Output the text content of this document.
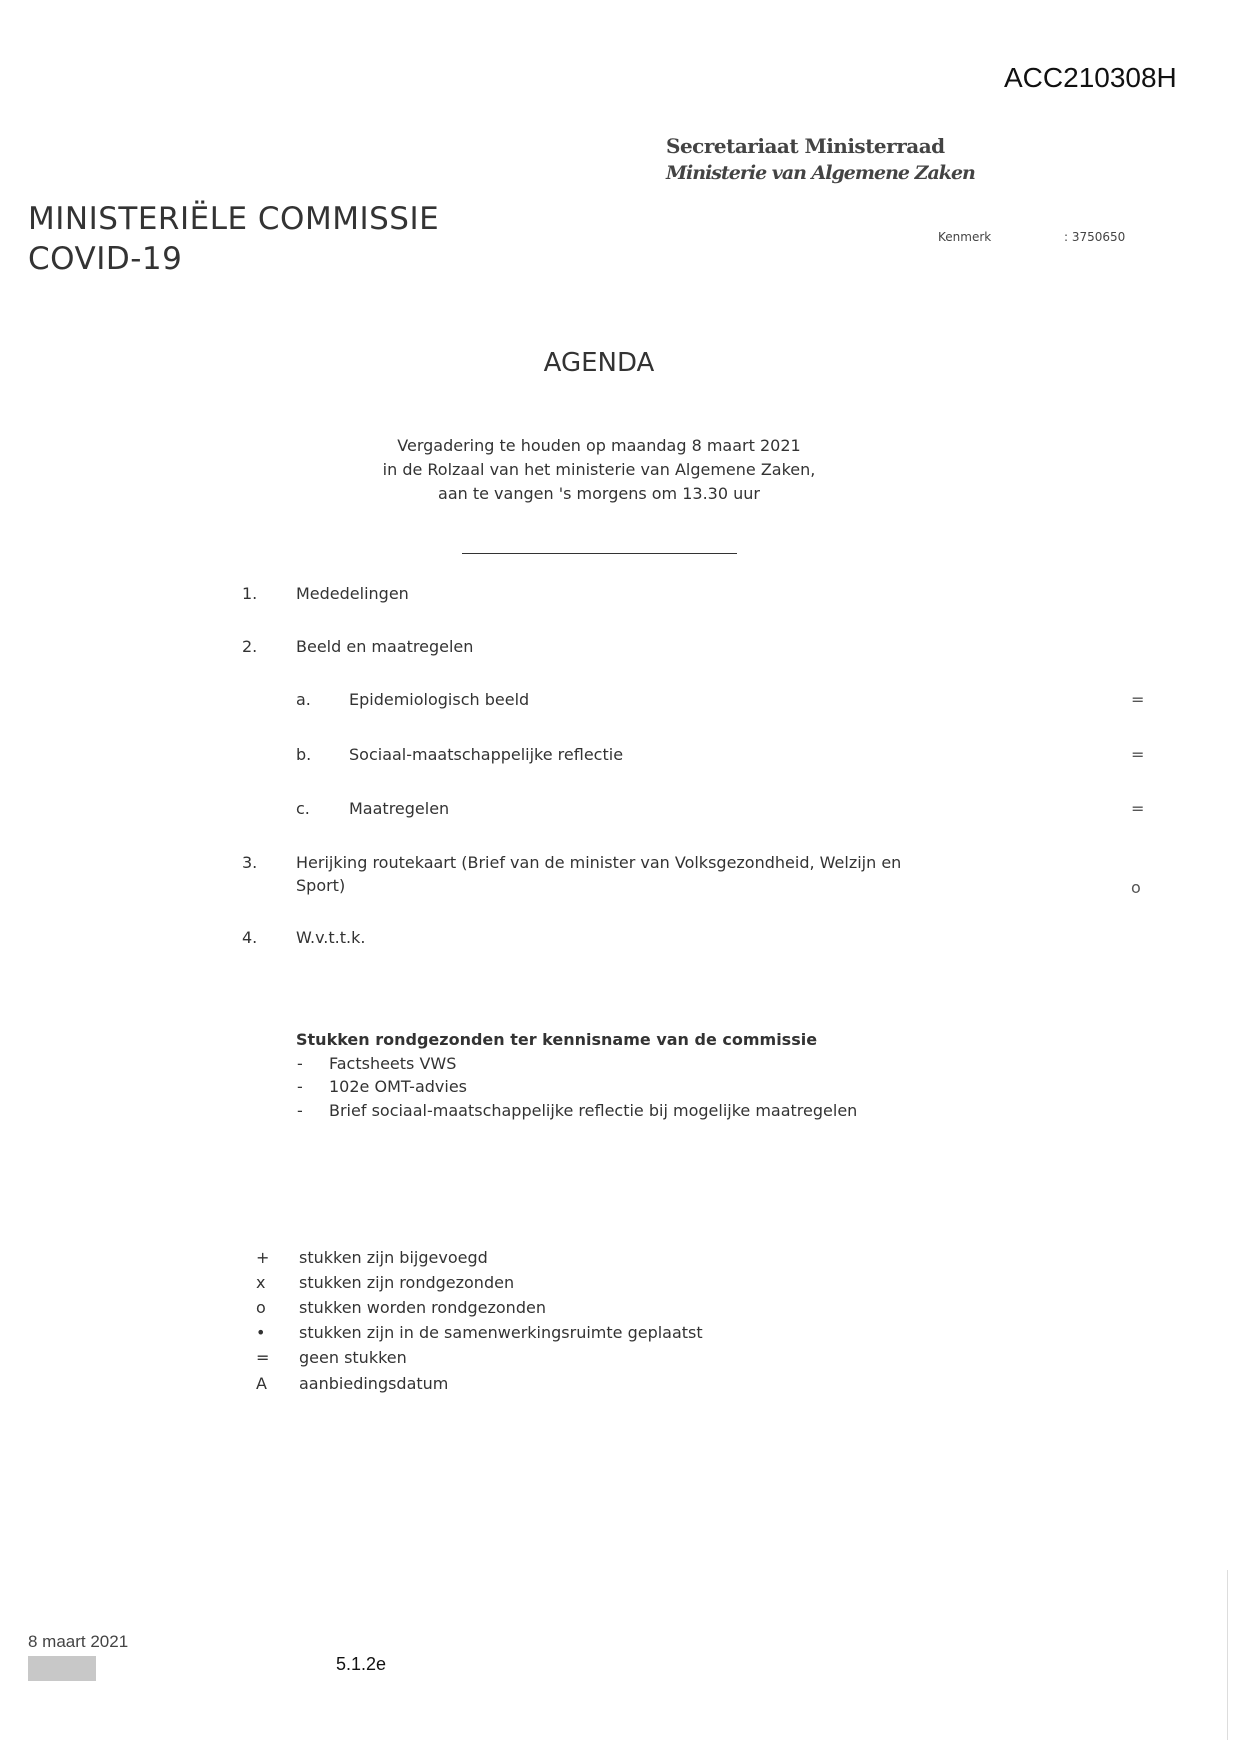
ACC210308H
Secretariaat Ministerraad
Ministerie van Algemene Zaken
MINISTERIËLE COMMISSIE
COVID-19
Kenmerk	: 3750650
AGENDA
Vergadering te houden op maandag 8 maart 2021
in de Rolzaal van het ministerie van Algemene Zaken,
aan te vangen 's morgens om 13.30 uur
1. Mededelingen
2. Beeld en maatregelen
a. Epidemiologisch beeld	=
b. Sociaal-maatschappelijke reflectie	=
c. Maatregelen	=
3. Herijking routekaart (Brief van de minister van Volksgezondheid, Welzijn en
Sport)	o
4. W.v.t.t.k.
Stukken rondgezonden ter kennisname van de commissie
- Factsheets VWS
- 102e OMT-advies
- Brief sociaal-maatschappelijke reflectie bij mogelijke maatregelen
+ stukken zijn bijgevoegd
x stukken zijn rondgezonden
o stukken worden rondgezonden
• stukken zijn in de samenwerkingsruimte geplaatst
= geen stukken
A aanbiedingsdatum
8 maart 2021
5.1.2e
